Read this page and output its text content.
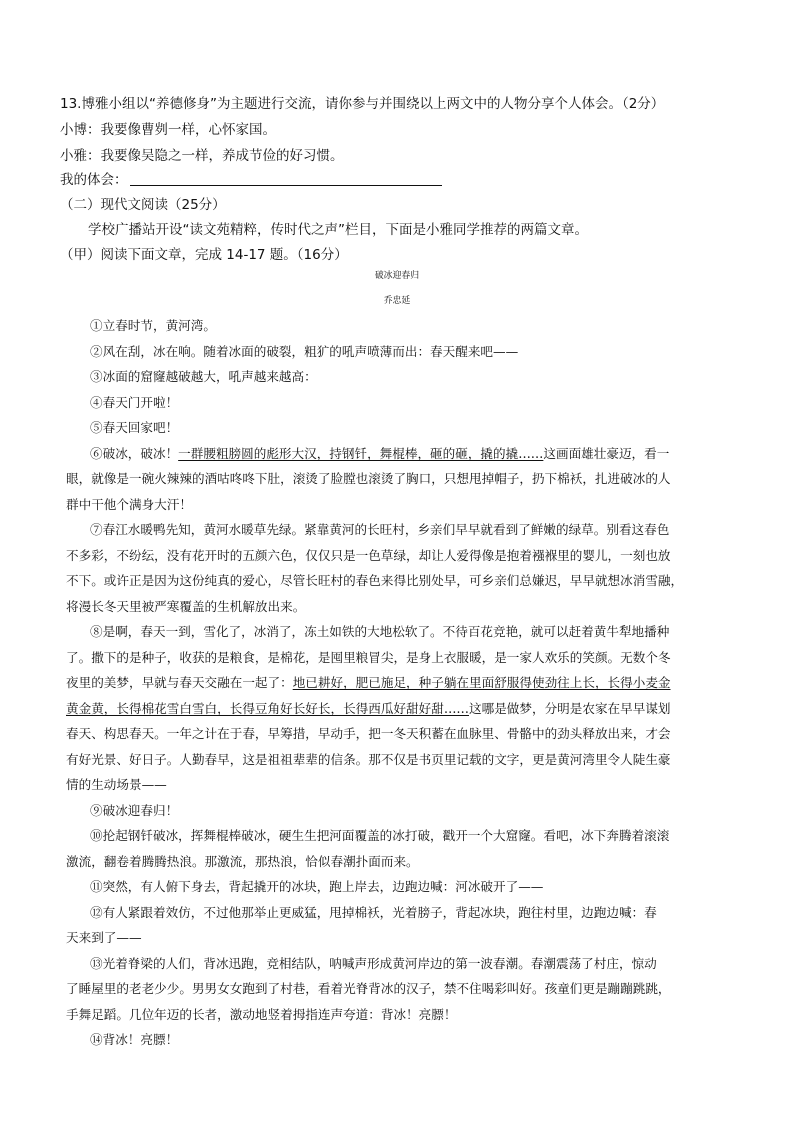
13.博雅小组以“养德修身”为主题进行交流，请你参与并围绕以上两文中的人物分享个人体会。（2分）
小博：我要像曹刿一样，心怀家国。
小雅：我要像吴隐之一样，养成节俭的好习惯。
我的体会：
（二）现代文阅读（25分）
学校广播站开设“读文苑精粹，传时代之声”栏目，下面是小雅同学推荐的两篇文章。
（甲）阅读下面文章，完成 14-17 题。（16分）
破冰迎春归
乔忠延
①立春时节，黄河湾。
②风在刮，冰在响。随着冰面的破裂，粗犷的吼声喷薄而出：春天醒来吧——
③冰面的窟窿越破越大，吼声越来越高：
④春天门开啦！
⑤春天回家吧！
⑥破冰，破冰！一群腰粗膀圆的彪形大汉，持钢钎，舞棍棒，砸的砸，撬的撬……这画面雄壮豪迈，看一
眼，就像是一碗火辣辣的酒咕咚咚下肚，滚烫了脸膛也滚烫了胸口，只想甩掉帽子，扔下棉袄，扎进破冰的人
群中干他个满身大汗！
⑦春江水暖鸭先知，黄河水暖草先绿。紧靠黄河的长旺村，乡亲们早早就看到了鲜嫩的绿草。别看这春色
不多彩，不纷纭，没有花开时的五颜六色，仅仅只是一色草绿，却让人爱得像是抱着襁褓里的婴儿，一刻也放
不下。或许正是因为这份纯真的爱心，尽管长旺村的春色来得比别处早，可乡亲们总嫌迟，早早就想冰消雪融，
将漫长冬天里被严寒覆盖的生机解放出来。
⑧是啊，春天一到，雪化了，冰消了，冻土如铁的大地松软了。不待百花竞艳，就可以赶着黄牛犁地播种
了。撒下的是种子，收获的是粮食，是棉花，是囤里粮冒尖，是身上衣服暖，是一家人欢乐的笑颜。无数个冬
夜里的美梦，早就与春天交融在一起了：地已耕好，肥已施足，种子躺在里面舒服得使劲往上长，长得小麦金
黄金黄，长得棉花雪白雪白，长得豆角好长好长，长得西瓜好甜好甜……这哪是做梦，分明是农家在早早谋划
春天、构思春天。一年之计在于春，早筹措，早动手，把一冬天积蓄在血脉里、骨骼中的劲头释放出来，才会
有好光景、好日子。人勤春早，这是祖祖辈辈的信条。那不仅是书页里记载的文字，更是黄河湾里令人陡生豪
情的生动场景——
⑨破冰迎春归！
⑩抡起钢钎破冰，挥舞棍棒破冰，硬生生把河面覆盖的冰打破，戳开一个大窟窿。看吧，冰下奔腾着滚滚
激流，翻卷着腾腾热浪。那激流，那热浪，恰似春潮扑面而来。
⑪突然，有人俯下身去，背起撬开的冰块，跑上岸去，边跑边喊：河冰破开了——
⑫有人紧跟着效仿，不过他那举止更威猛，甩掉棉袄，光着膀子，背起冰块，跑往村里，边跑边喊：春
天来到了——
⑬光着脊梁的人们，背冰迅跑，竞相结队，呐喊声形成黄河岸边的第一波春潮。春潮震荡了村庄，惊动
了睡屋里的老老少少。男男女女跑到了村巷，看着光脊背冰的汉子，禁不住喝彩叫好。孩童们更是蹦蹦跳跳，
手舞足蹈。几位年迈的长者，激动地竖着拇指连声夸道：背冰！亮膘！
⑭背冰！亮膘！
